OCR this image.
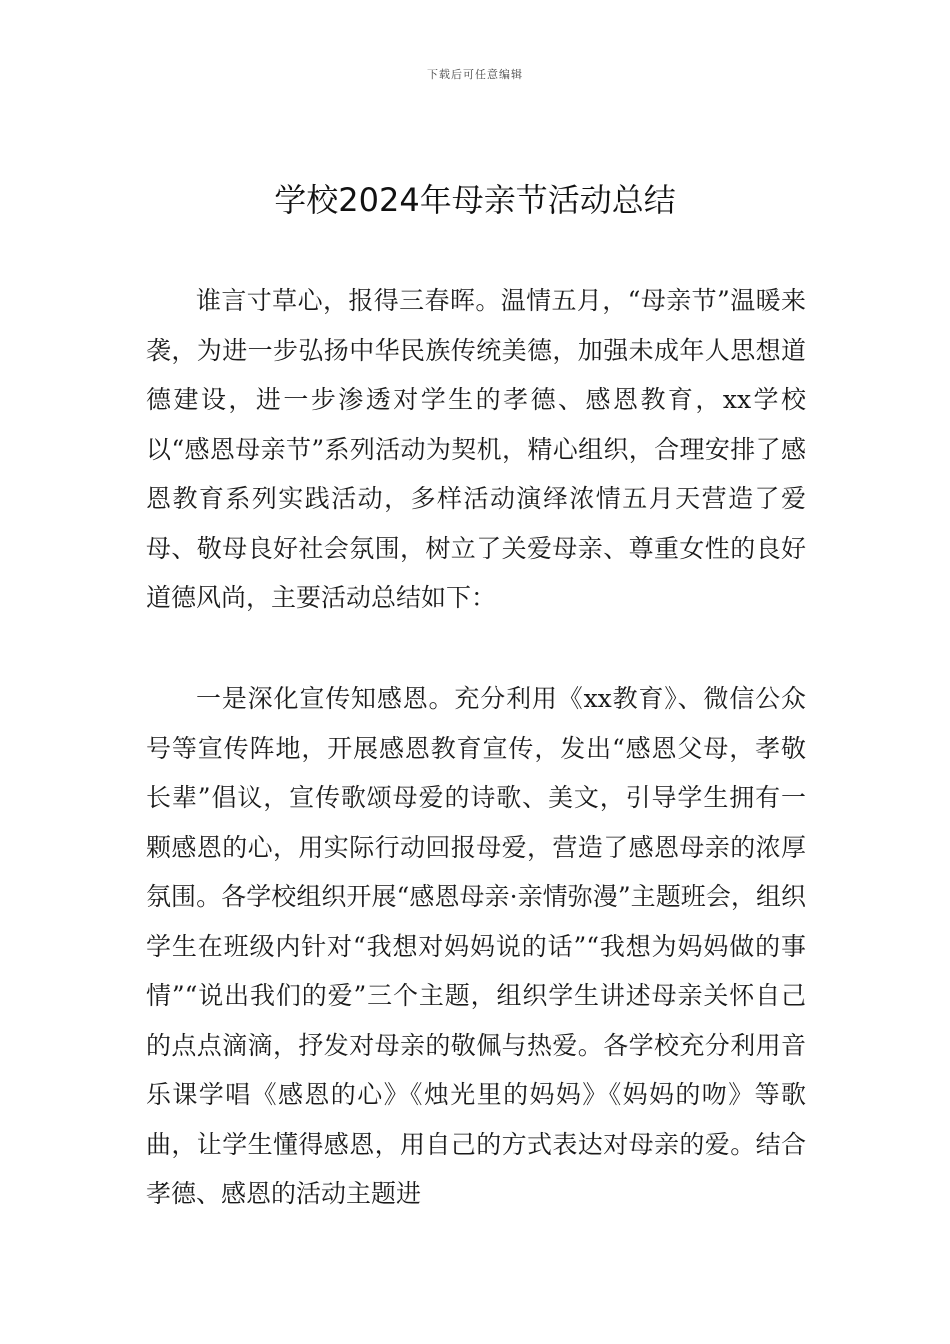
下载后可任意编辑
学校2024年母亲节活动总结

谁言寸草心，报得三春晖。温情五月，“母亲节”温暖来袭，为进一步弘扬中华民族传统美德，加强未成年人思想道德建设，进一步渗透对学生的孝德、感恩教育，xx学校以“感恩母亲节”系列活动为契机，精心组织，合理安排了感恩教育系列实践活动，多样活动演绎浓情五月天营造了爱母、敬母良好社会氛围，树立了关爱母亲、尊重女性的良好道德风尚，主要活动总结如下：

一是深化宣传知感恩。充分利用《xx教育》、微信公众号等宣传阵地，开展感恩教育宣传，发出“感恩父母，孝敬长辈”倡议，宣传歌颂母爱的诗歌、美文，引导学生拥有一颗感恩的心，用实际行动回报母爱，营造了感恩母亲的浓厚氛围。各学校组织开展“感恩母亲·亲情弥漫”主题班会，组织学生在班级内针对“我想对妈妈说的话”“我想为妈妈做的事情”“说出我们的爱”三个主题，组织学生讲述母亲关怀自己的点点滴滴，抒发对母亲的敬佩与热爱。各学校充分利用音乐课学唱《感恩的心》《烛光里的妈妈》《妈妈的吻》等歌曲，让学生懂得感恩，用自己的方式表达对母亲的爱。结合孝德、感恩的活动主题进
